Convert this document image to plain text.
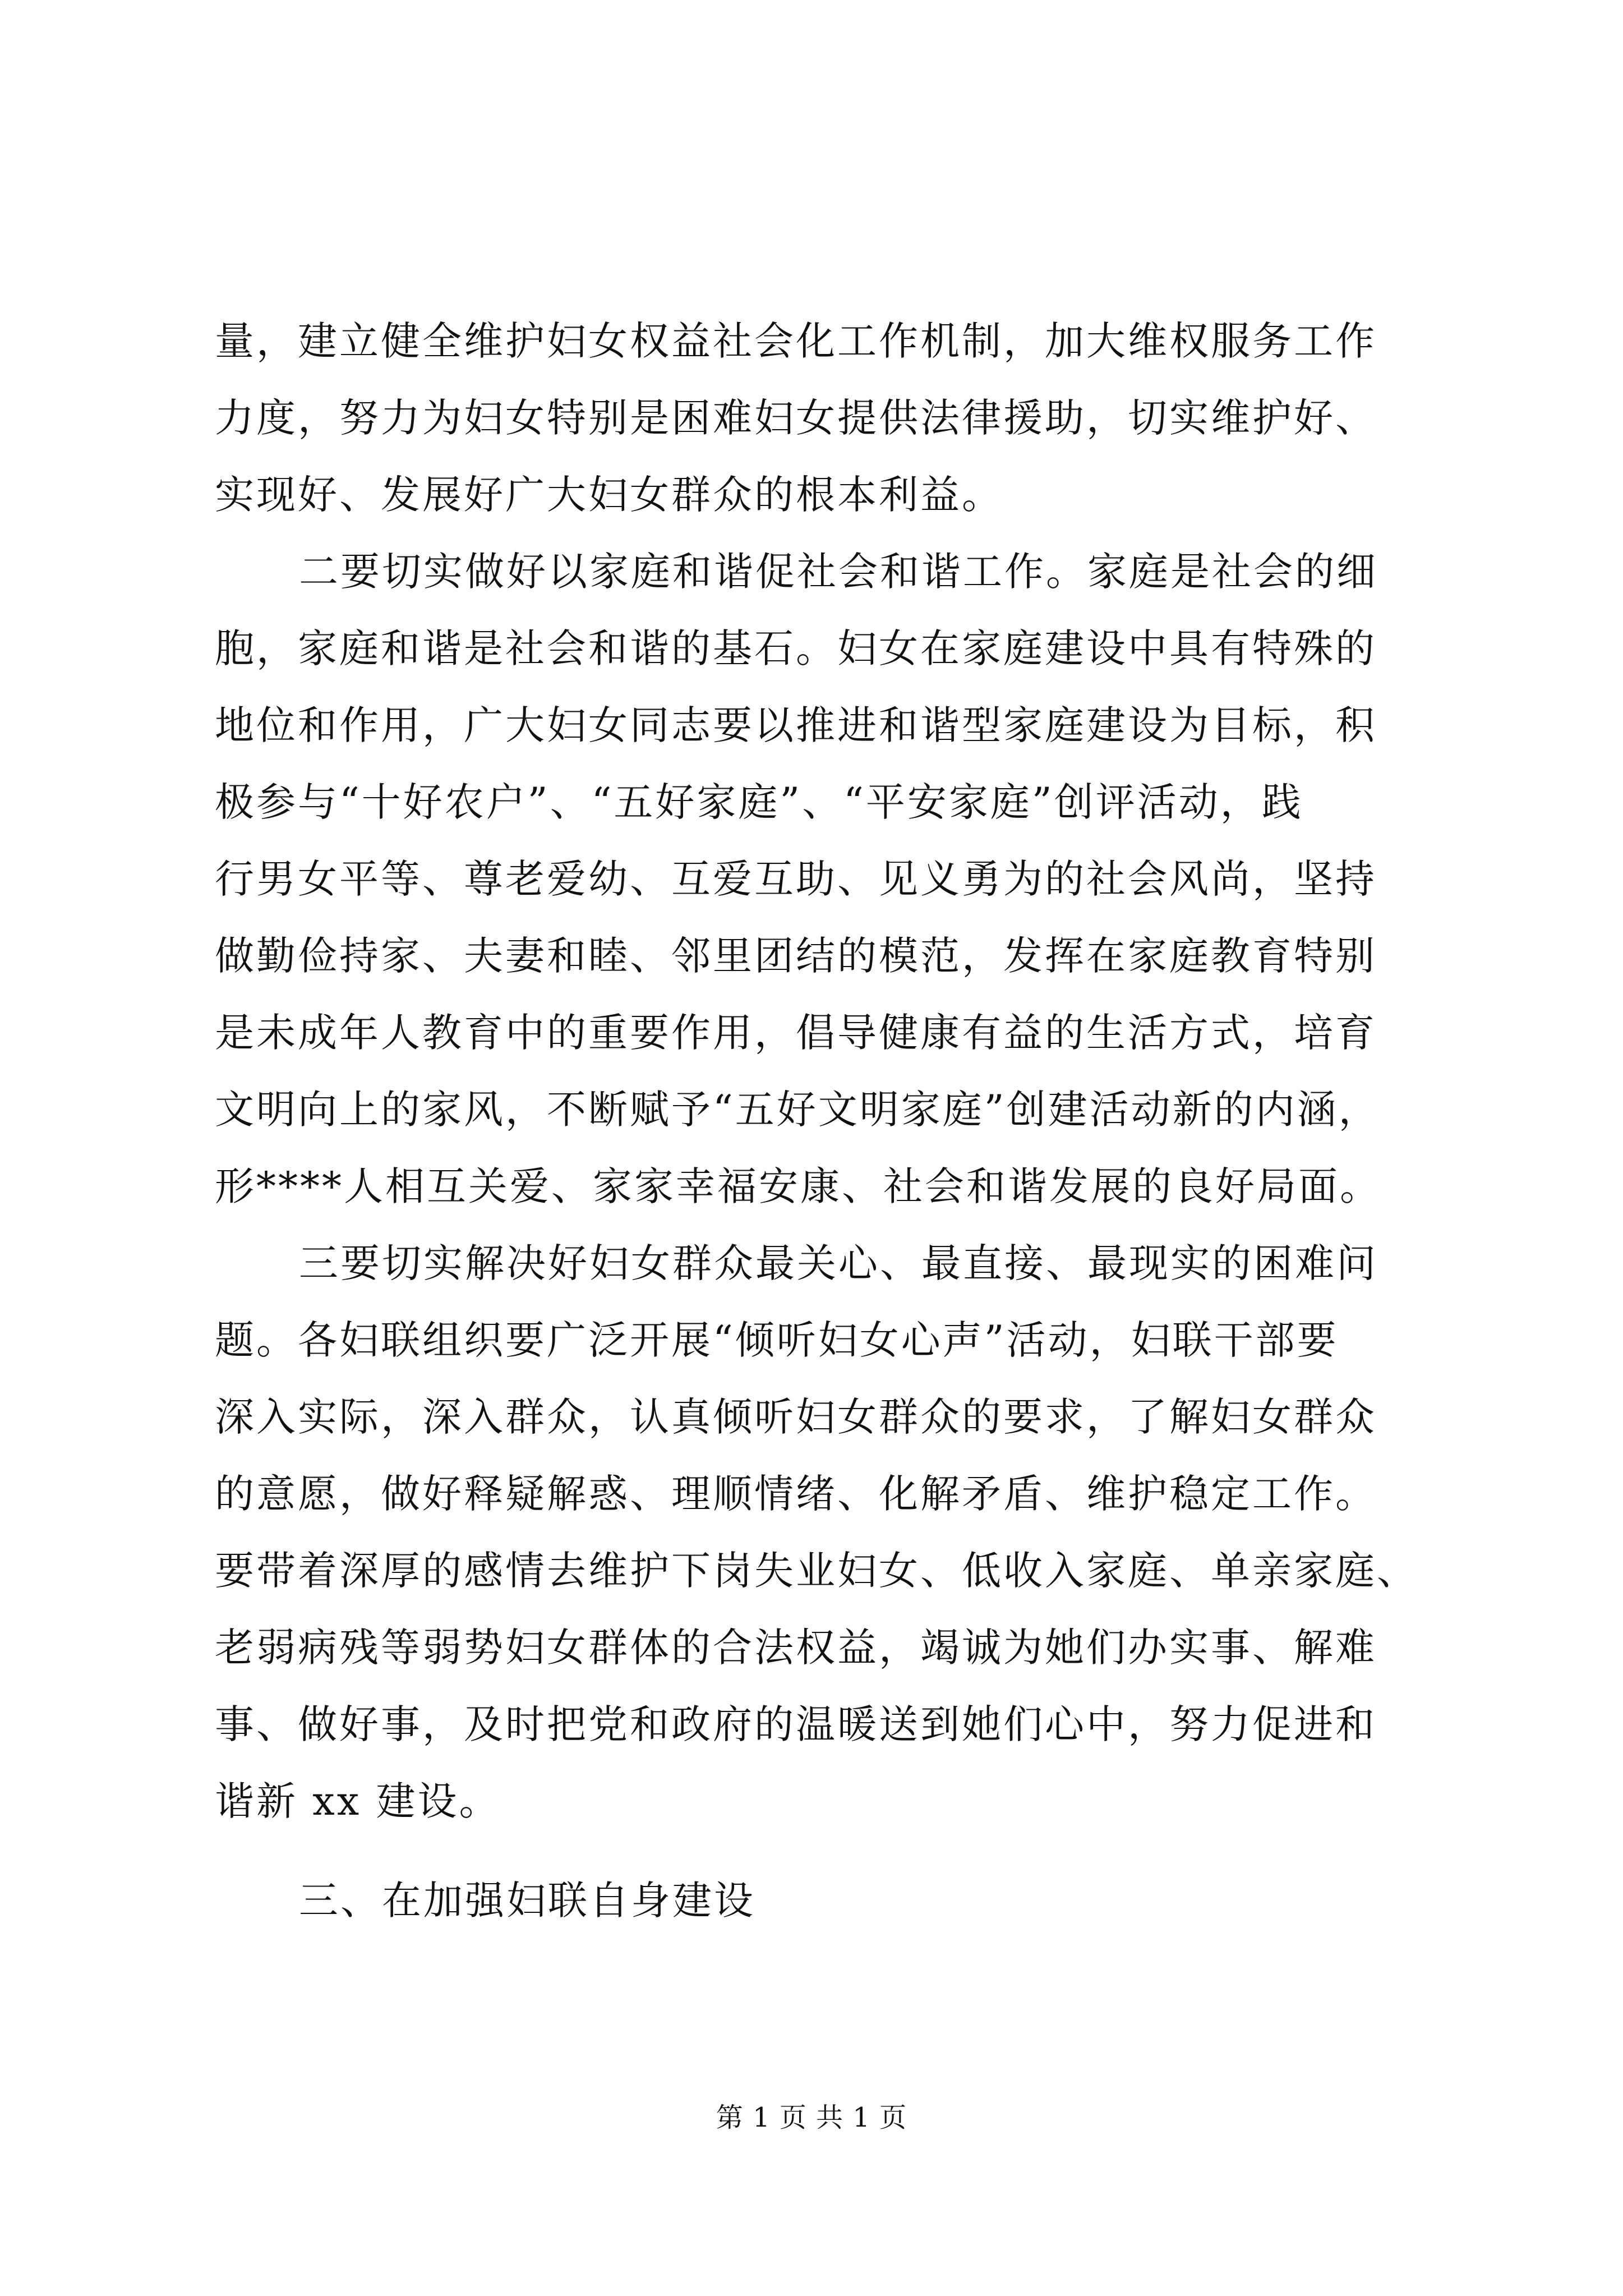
量，建立健全维护妇女权益社会化工作机制，加大维权服务工作
力度，努力为妇女特别是困难妇女提供法律援助，切实维护好、
实现好、发展好广大妇女群众的根本利益。
二要切实做好以家庭和谐促社会和谐工作。家庭是社会的细
胞，家庭和谐是社会和谐的基石。妇女在家庭建设中具有特殊的
地位和作用，广大妇女同志要以推进和谐型家庭建设为目标，积
极参与“十好农户”、“五好家庭”、“平安家庭”创评活动，践
行男女平等、尊老爱幼、互爱互助、见义勇为的社会风尚，坚持
做勤俭持家、夫妻和睦、邻里团结的模范，发挥在家庭教育特别
是未成年人教育中的重要作用，倡导健康有益的生活方式，培育
文明向上的家风，不断赋予“五好文明家庭”创建活动新的内涵，
形****人相互关爱、家家幸福安康、社会和谐发展的良好局面。
三要切实解决好妇女群众最关心、最直接、最现实的困难问
题。各妇联组织要广泛开展“倾听妇女心声”活动，妇联干部要
深入实际，深入群众，认真倾听妇女群众的要求，了解妇女群众
的意愿，做好释疑解惑、理顺情绪、化解矛盾、维护稳定工作。
要带着深厚的感情去维护下岗失业妇女、低收入家庭、单亲家庭、
老弱病残等弱势妇女群体的合法权益，竭诚为她们办实事、解难
事、做好事，及时把党和政府的温暖送到她们心中，努力促进和
谐新 xx 建设。
三、在加强妇联自身建设
第 1 页 共 1 页
